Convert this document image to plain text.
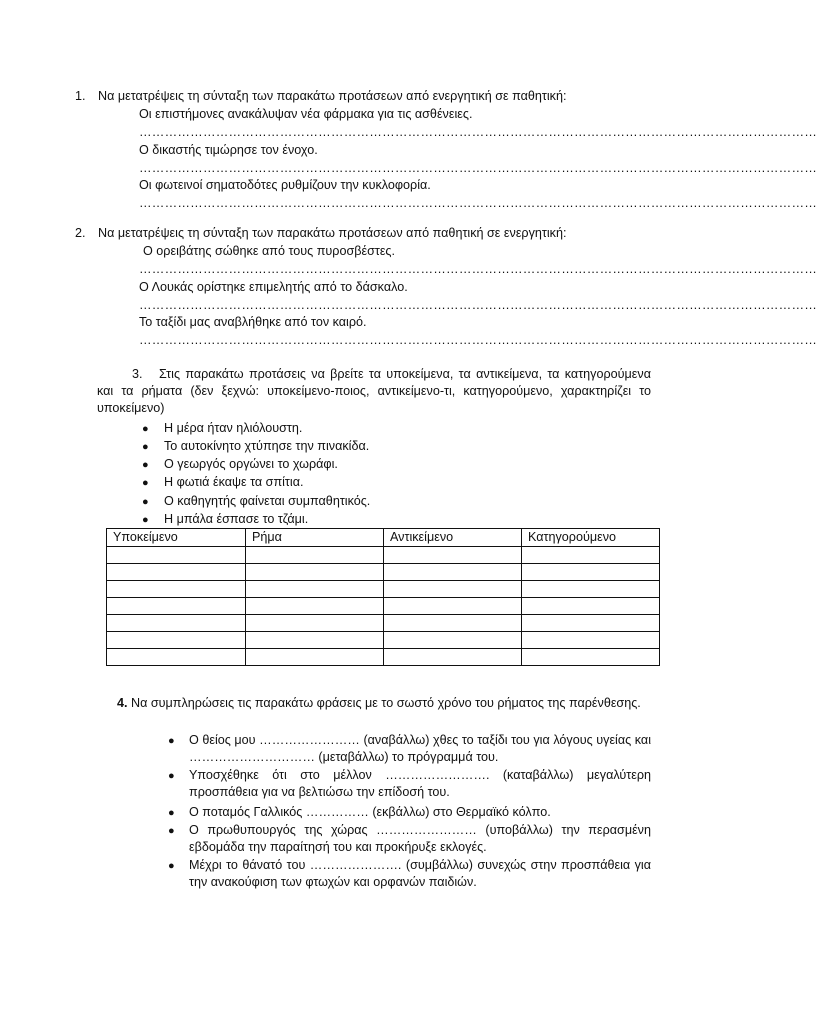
1. Να μετατρέψεις τη σύνταξη των παρακάτω προτάσεων από ενεργητική σε παθητική:
Οι επιστήμονες ανακάλυψαν νέα φάρμακα για τις ασθένειες.
……………………………………………………………………………………………………………………………………………
Ο δικαστής τιμώρησε τον ένοχο.
……………………………………………………………………………………………………………………………………………
Οι φωτεινοί σηματοδότες ρυθμίζουν την κυκλοφορία.
……………………………………………………………………………………………………………………………………………
2. Να μετατρέψεις τη σύνταξη των παρακάτω προτάσεων από παθητική σε ενεργητική:
Ο ορειβάτης σώθηκε από τους πυροσβέστες.
……………………………………………………………………………………………………………………………………………
Ο Λουκάς ορίστηκε επιμελητής από το δάσκαλο.
……………………………………………………………………………………………………………………………………………
Το ταξίδι μας αναβλήθηκε από τον καιρό.
……………………………………………………………………………………………………………………………………………
3.	Στις παρακάτω προτάσεις να βρείτε τα υποκείμενα, τα αντικείμενα, τα κατηγορούμενα και τα ρήματα (δεν ξεχνώ: υποκείμενο-ποιος, αντικείμενο-τι, κατηγορούμενο, χαρακτηρίζει το υποκείμενο)
● Η μέρα ήταν ηλιόλουστη.
● Το αυτοκίνητο χτύπησε την πινακίδα.
● Ο γεωργός οργώνει το χωράφι.
● Η φωτιά έκαψε τα σπίτια.
● Ο καθηγητής φαίνεται συμπαθητικός.
● Η μπάλα έσπασε το τζάμι.
Υποκείμενο	Ρήμα	Αντικείμενο	Κατηγορούμενο

4. Να συμπληρώσεις τις παρακάτω φράσεις με το σωστό χρόνο του ρήματος της παρένθεσης.
● Ο θείος μου …………………… (αναβάλλω) χθες το ταξίδι του για λόγους υγείας και ………………………… (μεταβάλλω) το πρόγραμμά του.
● Υποσχέθηκε ότι στο μέλλον ……………………. (καταβάλλω) μεγαλύτερη προσπάθεια για να βελτιώσω την επίδοσή του.
● Ο ποταμός Γαλλικός …………… (εκβάλλω) στο Θερμαϊκό κόλπο.
● Ο πρωθυπουργός της χώρας …………………… (υποβάλλω) την περασμένη εβδομάδα την παραίτησή του και προκήρυξε εκλογές.
● Μέχρι το θάνατό του …………………. (συμβάλλω) συνεχώς στην προσπάθεια για την ανακούφιση των φτωχών και ορφανών παιδιών.
